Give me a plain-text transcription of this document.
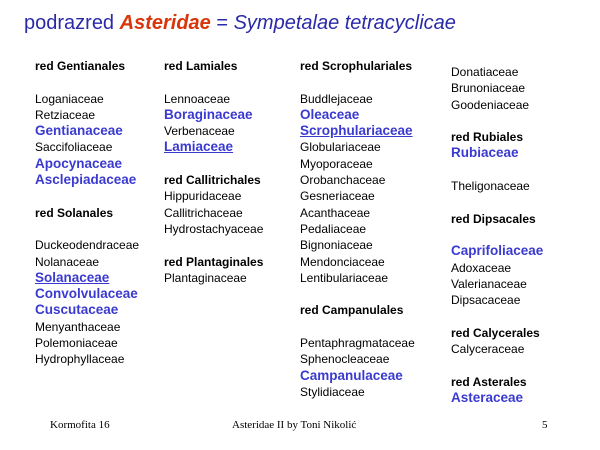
podrazred Asteridae = Sympetalae tetracyclicae
red Gentianales
Loganiaceae
Retziaceae
Gentianaceae
Saccifoliaceae
Apocynaceae
Asclepiadaceae
red Solanales
Duckeodendraceae
Nolanaceae
Solanaceae
Convolvulaceae
Cuscutaceae
Menyanthaceae
Polemoniaceae
Hydrophyllaceae
red Lamiales
Lennoaceae
Boraginaceae
Verbenaceae
Lamiaceae
red Callitrichales
Hippuridaceae
Callitrichaceae
Hydrostachyaceae
red Plantaginales
Plantaginaceae
red Scrophulariales
Buddlejaceae
Oleaceae
Scrophulariaceae
Globulariaceae
Myoporaceae
Orobanchaceae
Gesneriaceae
Acanthaceae
Pedaliaceae
Bignoniaceae
Mendonciaceae
Lentibulariaceae
red Campanulales
Pentaphragmataceae
Sphenocleaceae
Campanulaceae
Stylidiaceae
Donatiaceae
Brunoniaceae
Goodeniaceae
red Rubiales
Rubiaceae
Theligonaceae
red Dipsacales
Caprifoliaceae
Adoxaceae
Valerianaceae
Dipsacaceae
red Calycerales
Calyceraceae
red Asterales
Asteraceae
Kormofita 16	Asteridae II by Toni Nikolić	5
